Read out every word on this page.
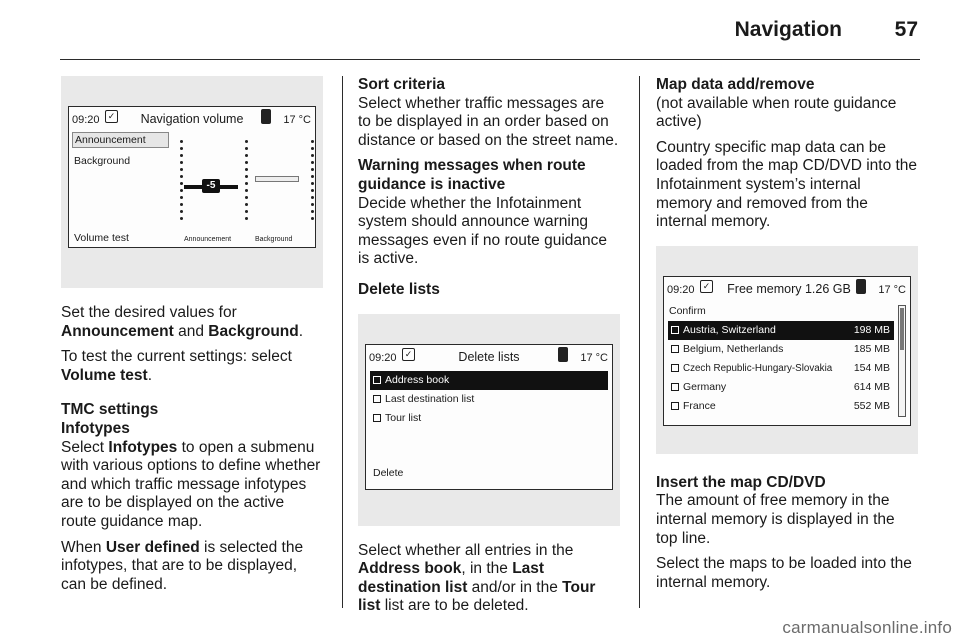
Navigation	57
09:20 ✓	Navigation volume	17 °C
Announcement
Background
Volume test
-5
Announcement	Background

Set the desired values for
Announcement and Background.

To test the current settings: select
Volume test.

TMC settings
Infotypes

Select Infotypes to open a submenu with various options to define whether and which traffic message infotypes are to be displayed on the active route guidance map.

When User defined is selected the infotypes, that are to be displayed, can be defined.

Sort criteria

Select whether traffic messages are to be displayed in an order based on distance or based on the street name.

Warning messages when route guidance is inactive

Decide whether the Infotainment system should announce warning messages even if no route guidance is active.

Delete lists
09:20 ✓	Delete lists	17 °C
Address book
Last destination list
Tour list
Delete

Select whether all entries in the Address book, in the Last destination list and/or in the Tour list list are to be deleted.

Map data add/remove

(not available when route guidance active)

Country specific map data can be loaded from the map CD/DVD into the Infotainment system’s internal memory and removed from the internal memory.

09:20 ✓	Free memory 1.26 GB	17 °C
Confirm
Austria, Switzerland	198 MB
Belgium, Netherlands	185 MB
Czech Republic-Hungary-Slovakia 154 MB
Germany	614 MB
France	552 MB
Insert the map CD/DVD

The amount of free memory in the internal memory is displayed in the top line.

Select the maps to be loaded into the internal memory.

carmanualsonline.info
